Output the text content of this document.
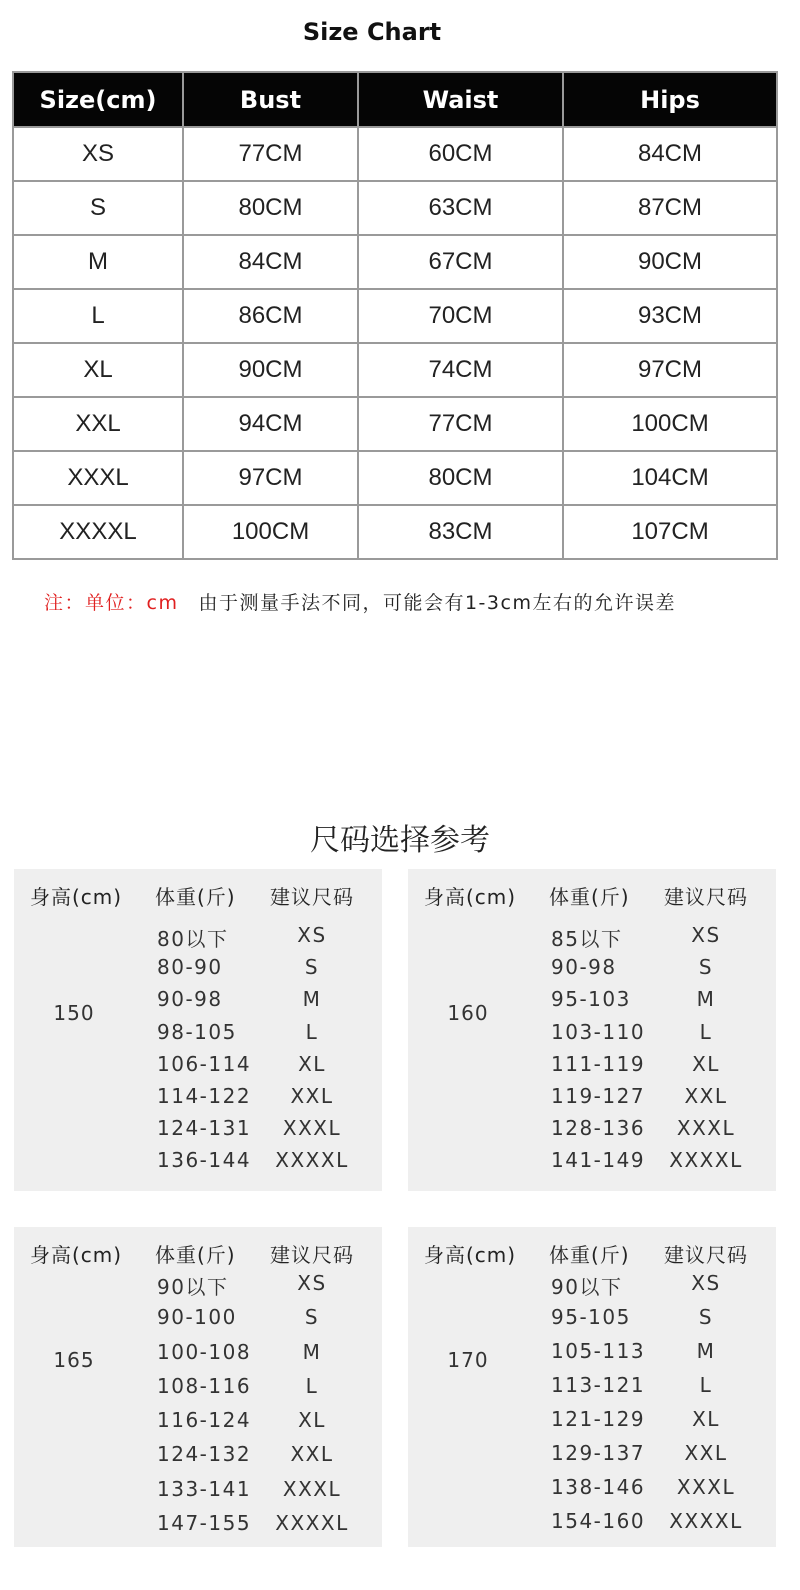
Size Chart
Size(cm)	Bust	Waist	Hips
XS	77CM	60CM	84CM
S	80CM	63CM	87CM
M	84CM	67CM	90CM
L	86CM	70CM	93CM
XL	90CM	74CM	97CM
XXL	94CM	77CM	100CM
XXXL	97CM	80CM	104CM
XXXXL	100CM	83CM	107CM
注：单位：cm 由于测量手法不同，可能会有1-3cm左右的允许误差
尺码选择参考
身高(cm) 体重(斤) 建议尺码
150
80以下	XS
80-90	S
90-98	M
98-105	L
106-114	XL
114-122	XXL
124-131	XXXL
136-144 XXXXL
身高(cm) 体重(斤) 建议尺码
160
85以下	XS
90-98	S
95-103	M
103-110	L
111-119	XL
119-127	XXL
128-136	XXXL
141-149 XXXXL
身高(cm) 体重(斤) 建议尺码
165
90以下	XS
90-100	S
100-108	M
108-116	L
116-124	XL
124-132	XXL
133-141	XXXL
147-155 XXXXL
身高(cm) 体重(斤) 建议尺码
170
90以下	XS
95-105	S
105-113	M
113-121	L
121-129	XL
129-137	XXL
138-146	XXXL
154-160 XXXXL
